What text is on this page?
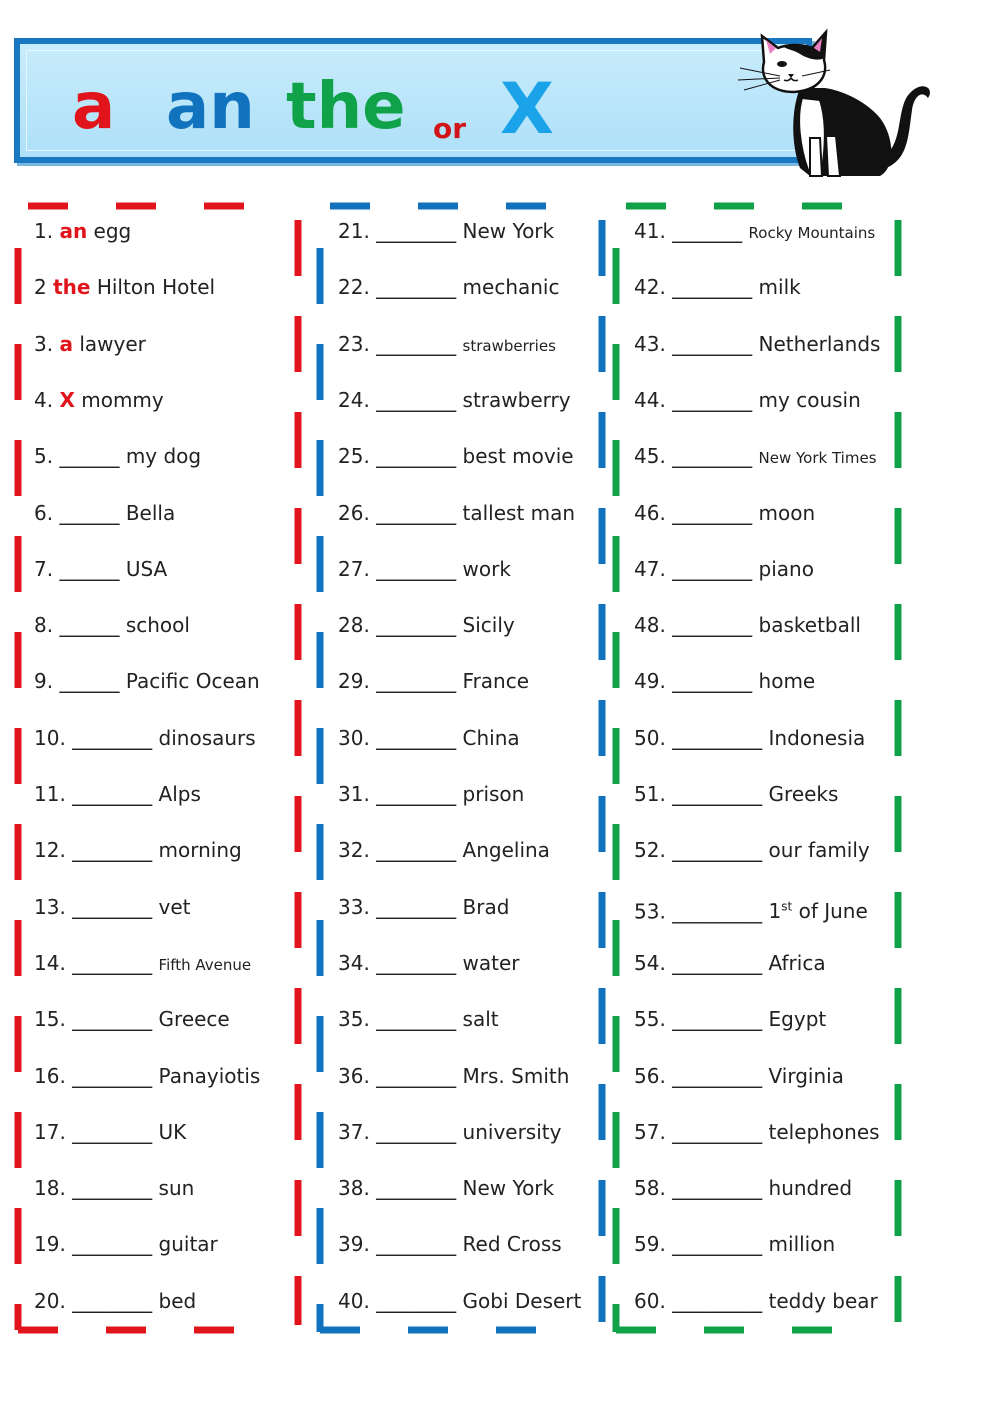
a an the or X
1. an egg
2 the Hilton Hotel
3. a lawyer
4. X mommy
5. ______ my dog
6. ______ Bella
7. ______ USA
8. ______ school
9. ______ Pacific Ocean
10. ________ dinosaurs
11. ________ Alps
12. ________ morning
13. ________ vet
14. ________ Fifth Avenue
15. ________ Greece
16. ________ Panayiotis
17. ________ UK
18. ________ sun
19. ________ guitar
20. ________ bed
21. ________ New York
22. ________ mechanic
23. ________ strawberries
24. ________ strawberry
25. ________ best movie
26. ________ tallest man
27. ________ work
28. ________ Sicily
29. ________ France
30. ________ China
31. ________ prison
32. ________ Angelina
33. ________ Brad
34. ________ water
35. ________ salt
36. ________ Mrs. Smith
37. ________ university
38. ________ New York
39. ________ Red Cross
40. ________ Gobi Desert
41. _______ Rocky Mountains
42. ________ milk
43. ________ Netherlands
44. ________ my cousin
45. ________ New York Times
46. ________ moon
47. ________ piano
48. ________ basketball
49. ________ home
50. _________ Indonesia
51. _________ Greeks
52. _________ our family
53. _________ 1st of June
54. _________ Africa
55. _________ Egypt
56. _________ Virginia
57. _________ telephones
58. _________ hundred
59. _________ million
60. _________ teddy bear
